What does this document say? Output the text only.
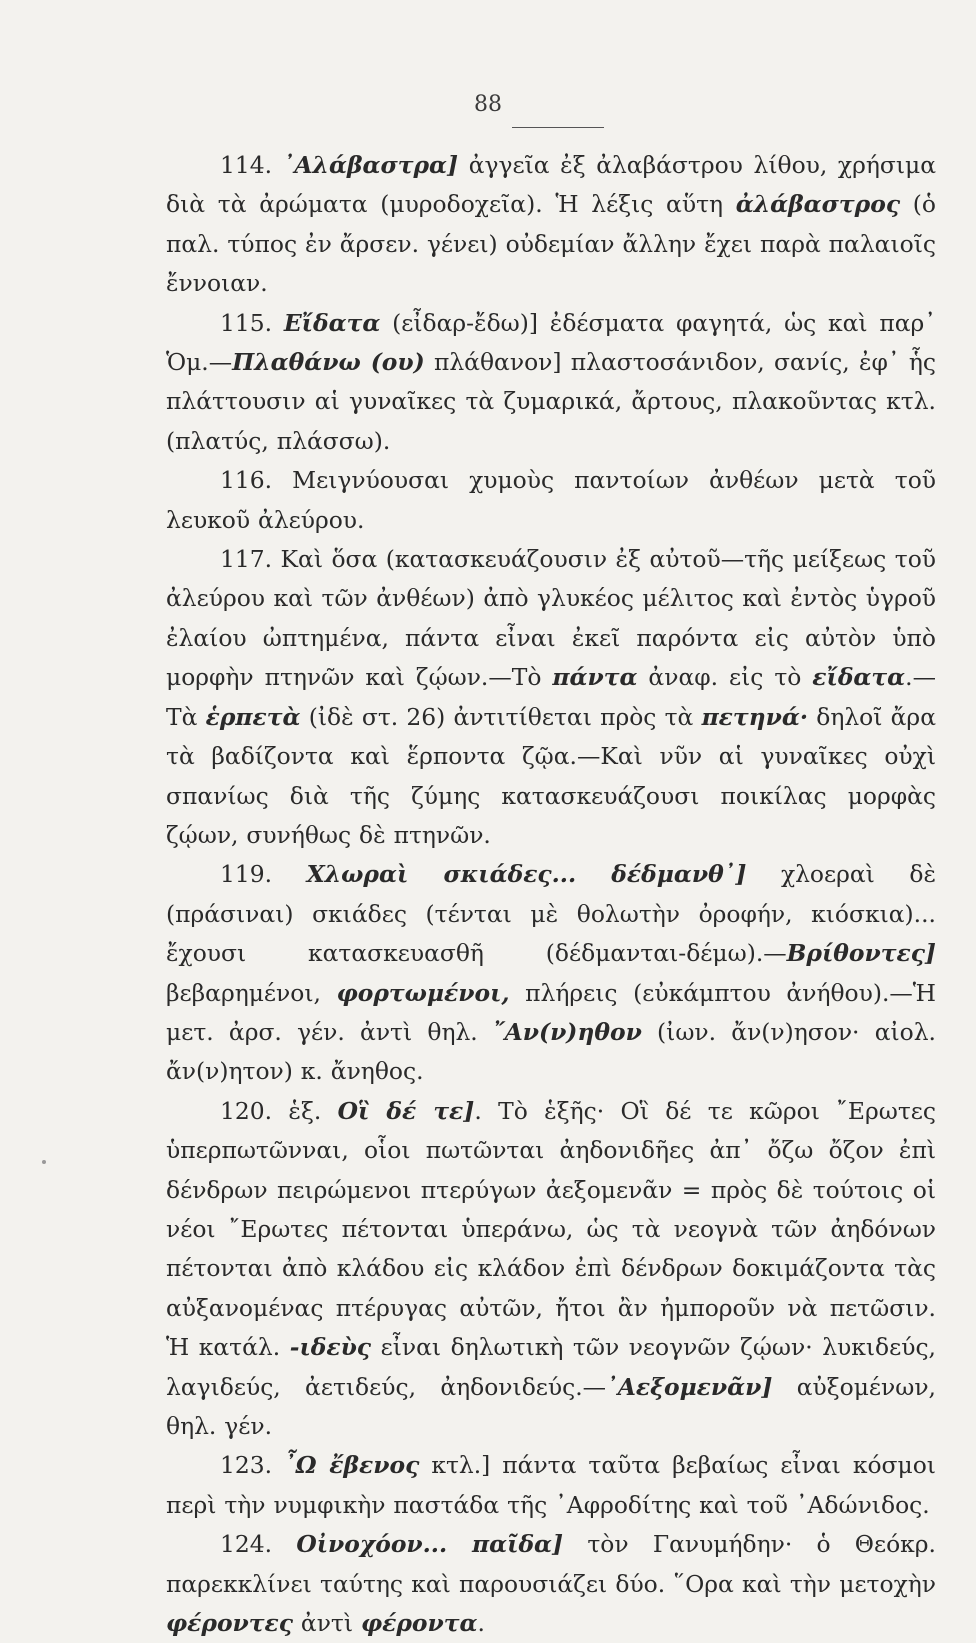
88

114. ᾽Αλάβαστρα] ἀγγεῖα ἐξ ἀλαβάστρου λίθου, χρήσιμα διὰ τὰ ἀρώματα (μυροδοχεῖα). Ἡ λέξις αὕτη ἀλάβαστρος (ὁ παλ. τύπος ἐν ἄρσεν. γένει) οὐδεμίαν ἄλλην ἔχει παρὰ παλαιοῖς ἔννοιαν.

115. Εἴδατα (εἶδαρ-ἔδω)] ἐδέσματα φαγητά, ὡς καὶ παρ᾽ Ὁμ.—Πλαθάνω (ου) πλάθανον] πλαστοσάνιδον, σανίς, ἐφ᾽ ἧς πλάττουσιν αἱ γυναῖκες τὰ ζυμαρικά, ἄρτους, πλακοῦντας κτλ. (πλατύς, πλάσσω).

116. Μειγνύουσαι χυμοὺς παντοίων ἀνθέων μετὰ τοῦ λευκοῦ ἀλεύρου.

117. Καὶ ὅσα (κατασκευάζουσιν ἐξ αὐτοῦ—τῆς μείξεως τοῦ ἀλεύρου καὶ τῶν ἀνθέων) ἀπὸ γλυκέος μέλιτος καὶ ἐντὸς ὑγροῦ ἐλαίου ὠπτημένα, πάντα εἶναι ἐκεῖ παρόντα εἰς αὐτὸν ὑπὸ μορφὴν πτηνῶν καὶ ζῴων.—Τὸ πάντα ἀναφ. εἰς τὸ εἴδατα.—Τὰ ἑρπετὰ (ἰδὲ στ. 26) ἀντιτίθεται πρὸς τὰ πετηνά· δηλοῖ ἄρα τὰ βαδίζοντα καὶ ἕρποντα ζῷα.—Καὶ νῦν αἱ γυναῖκες οὐχὶ σπανίως διὰ τῆς ζύμης κατασκευάζουσι ποικίλας μορφὰς ζῴων, συνήθως δὲ πτηνῶν.

119. Χλωραὶ σκιάδες... δέδμανθ᾽] χλοεραὶ δὲ (πράσιναι) σκιάδες (τένται μὲ θολωτὴν ὀροφήν, κιόσκια)... ἔχουσι κατασκευασθῆ (δέδμανται-δέμω).—Βρίθοντες] βεβαρημένοι, φορτωμένοι, πλήρεις (εὐκάμπτου ἀνήθου).—Ἡ μετ. ἀρσ. γέν. ἀντὶ θηλ. ῎Αν(ν)ηθον (ἰων. ἄν(ν)ησον· αἰολ. ἄν(ν)ητον) κ. ἄνηθος.

120. ἑξ. Οἳ δέ τε]. Τὸ ἑξῆς· Οἳ δέ τε κῶροι ῎Ερωτες ὑπερπωτῶνναι, οἷοι πωτῶνται ἀηδονιδῆες ἀπ᾽ ὄζω ὄζον ἐπὶ δένδρων πειρώμενοι πτερύγων ἀεξομενᾶν = πρὸς δὲ τούτοις οἱ νέοι ῎Ερωτες πέτονται ὑπεράνω, ὡς τὰ νεογνὰ τῶν ἀηδόνων πέτονται ἀπὸ κλάδου εἰς κλάδον ἐπὶ δένδρων δοκιμάζοντα τὰς αὐξανομένας πτέρυγας αὐτῶν, ἤτοι ἂν ἠμποροῦν νὰ πετῶσιν. Ἡ κατάλ. -ιδεὺς εἶναι δηλωτικὴ τῶν νεογνῶν ζῴων· λυκιδεύς, λαγιδεύς, ἀετιδεύς, ἀηδονιδεύς.—᾽Αεξομενᾶν] αὐξομένων, θηλ. γέν.

123. ῏Ω ἔβενος κτλ.] πάντα ταῦτα βεβαίως εἶναι κόσμοι περὶ τὴν νυμφικὴν παστάδα τῆς ᾽Αφροδίτης καὶ τοῦ ᾽Αδώνιδος.

124. Οἰνοχόον... παῖδα] τὸν Γανυμήδην· ὁ Θεόκρ. παρεκκλίνει ταύτης καὶ παρουσιάζει δύο. ῞Ορα καὶ τὴν μετοχὴν φέροντες ἀντὶ φέροντα.
